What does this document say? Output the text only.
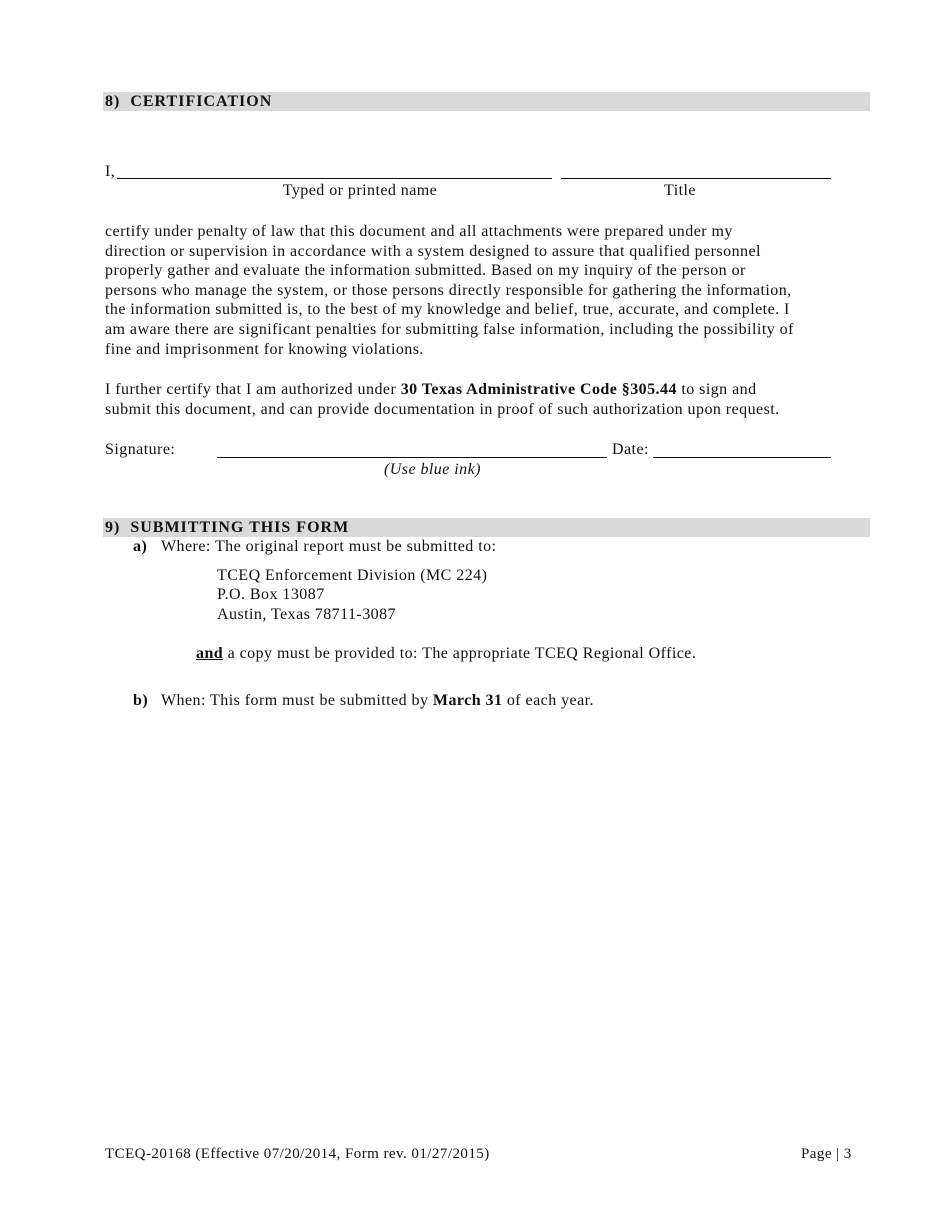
8) CERTIFICATION
I,
Typed or printed name	Title
certify under penalty of law that this document and all attachments were prepared under my
direction or supervision in accordance with a system designed to assure that qualified personnel
properly gather and evaluate the information submitted. Based on my inquiry of the person or
persons who manage the system, or those persons directly responsible for gathering the information,
the information submitted is, to the best of my knowledge and belief, true, accurate, and complete. I
am aware there are significant penalties for submitting false information, including the possibility of
fine and imprisonment for knowing violations.
I further certify that I am authorized under 30 Texas Administrative Code §305.44 to sign and
submit this document, and can provide documentation in proof of such authorization upon request.
Signature:	Date:
(Use blue ink)
9) SUBMITTING THIS FORM
a) Where: The original report must be submitted to:
TCEQ Enforcement Division (MC 224)
P.O. Box 13087
Austin, Texas 78711-3087
and a copy must be provided to: The appropriate TCEQ Regional Office.
b) When: This form must be submitted by March 31 of each year.
TCEQ-20168 (Effective 07/20/2014, Form rev. 01/27/2015)	Page | 3
